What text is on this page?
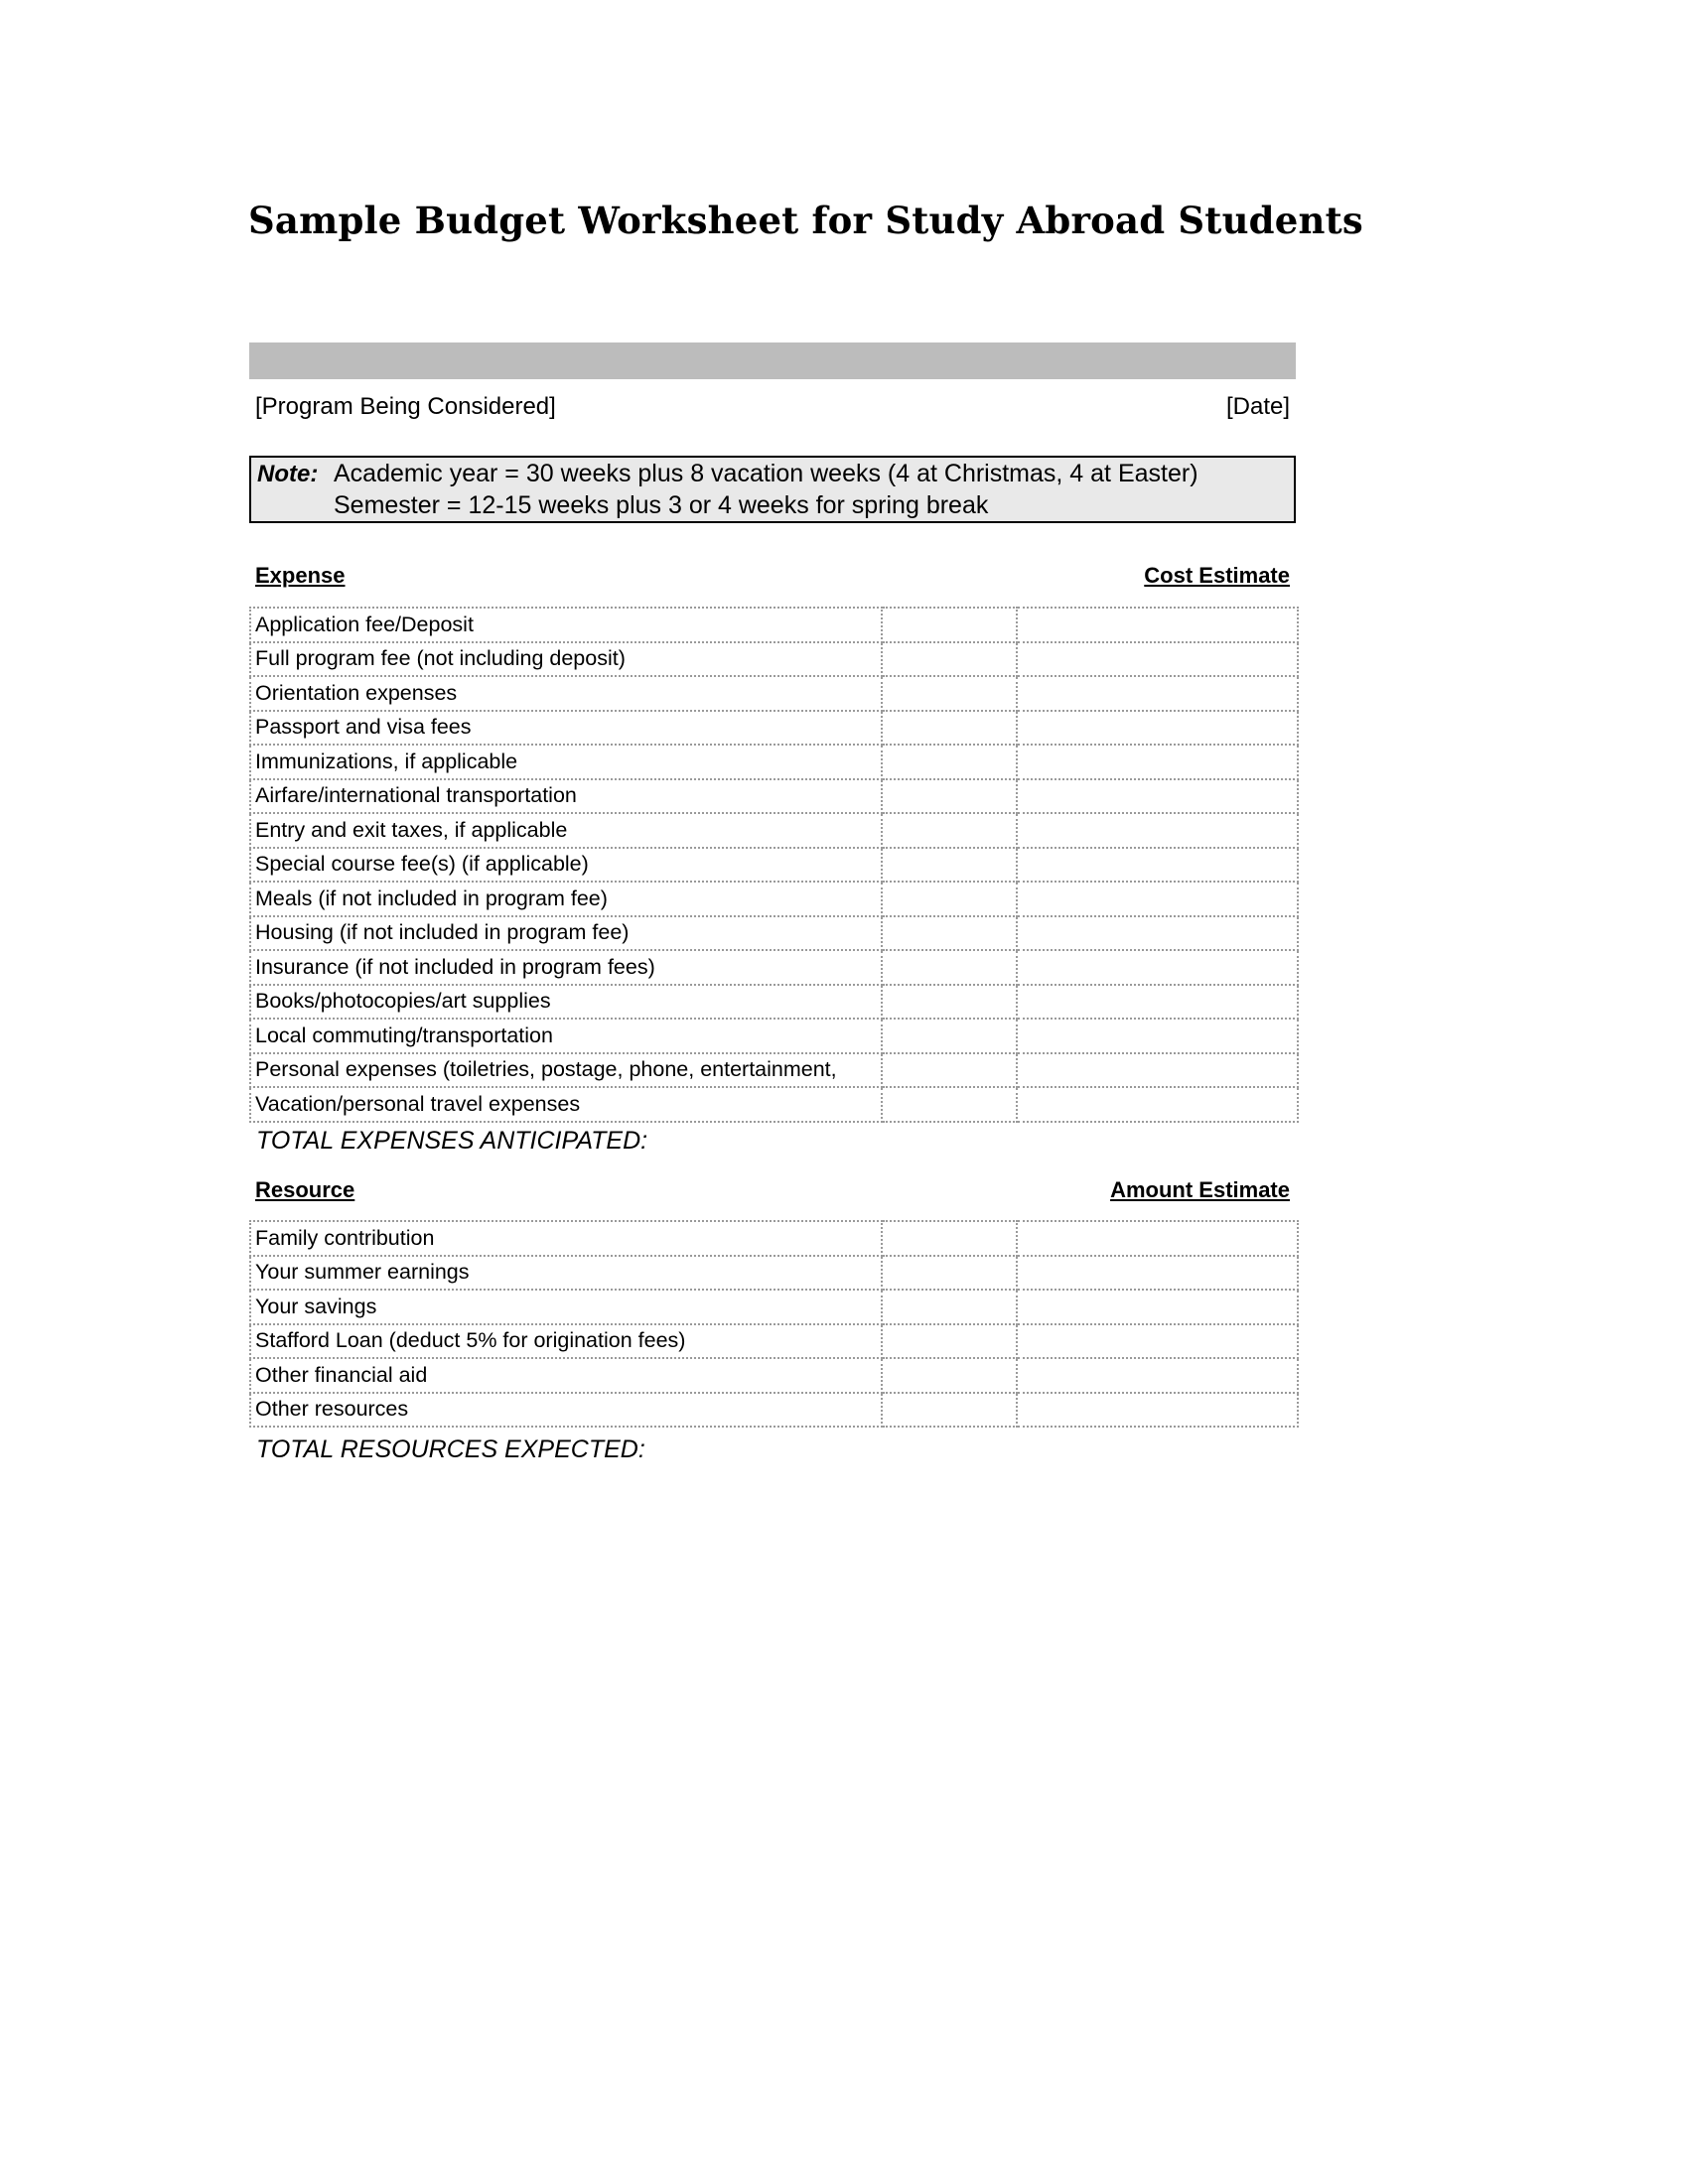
Sample Budget Worksheet for Study Abroad Students
[Program Being Considered]	[Date]
Note: Academic year = 30 weeks plus 8 vacation weeks (4 at Christmas, 4 at Easter)
Semester = 12-15 weeks plus 3 or 4 weeks for spring break
Expense	Cost Estimate
Application fee/Deposit		
Full program fee (not including deposit)		
Orientation expenses		
Passport and visa fees		
Immunizations, if applicable		
Airfare/international transportation		
Entry and exit taxes, if applicable		
Special course fee(s) (if applicable)		
Meals (if not included in program fee)		
Housing (if not included in program fee)		
Insurance (if not included in program fees)		
Books/photocopies/art supplies		
Local commuting/transportation		
Personal expenses (toiletries, postage, phone, entertainment,		
Vacation/personal travel expenses		
TOTAL EXPENSES ANTICIPATED:
Resource	Amount Estimate
Family contribution		
Your summer earnings		
Your savings		
Stafford Loan (deduct 5% for origination fees)		
Other financial aid		
Other resources		
TOTAL RESOURCES EXPECTED:
